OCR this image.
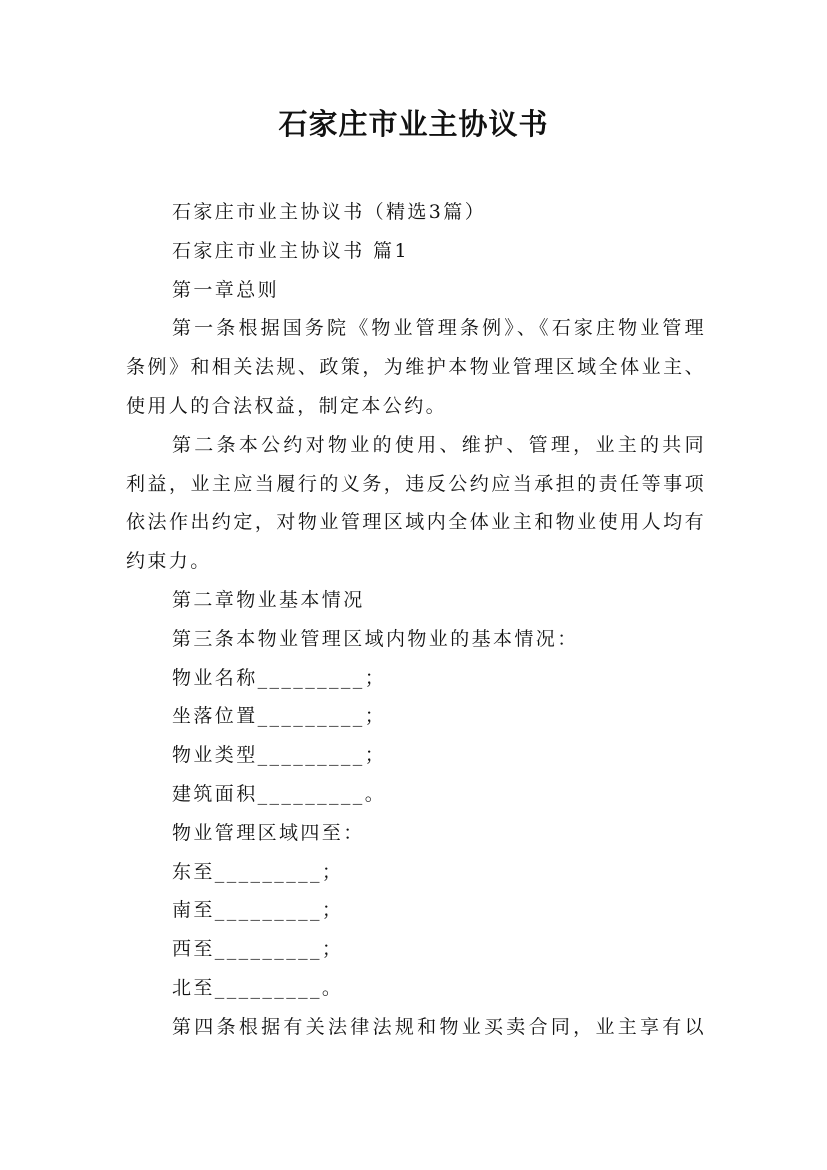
石家庄市业主协议书

石家庄市业主协议书（精选3篇）

石家庄市业主协议书 篇1

第一章总则

第一条根据国务院《物业管理条例》、《石家庄物业管理条例》和相关法规、政策，为维护本物业管理区域全体业主、使用人的合法权益，制定本公约。

第二条本公约对物业的使用、维护、管理，业主的共同利益，业主应当履行的义务，违反公约应当承担的责任等事项依法作出约定，对物业管理区域内全体业主和物业使用人均有约束力。

第二章物业基本情况

第三条本物业管理区域内物业的基本情况：

物业名称_________；

坐落位置_________；

物业类型_________；

建筑面积_________。

物业管理区域四至：

东至_________；

南至_________；

西至_________；

北至_________。

第四条根据有关法律法规和物业买卖合同，业主享有以
